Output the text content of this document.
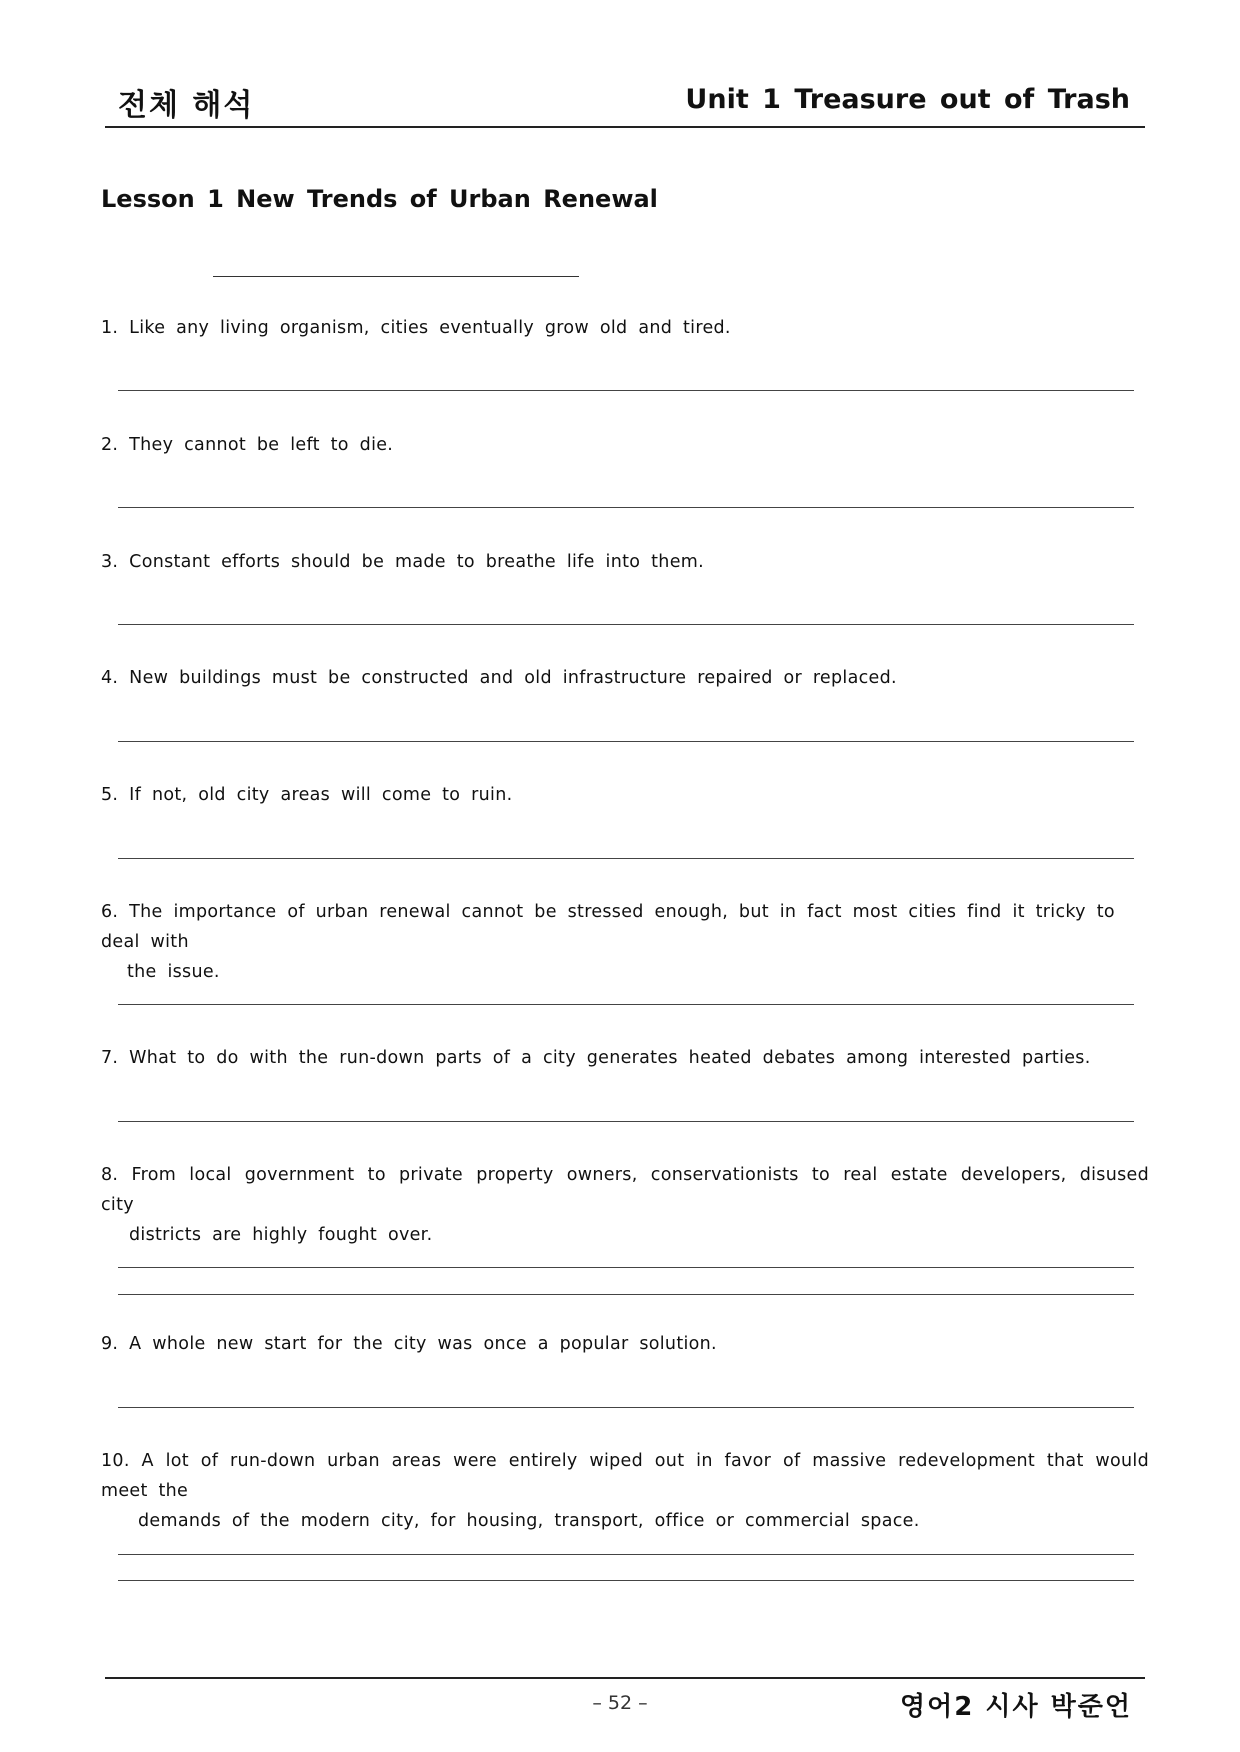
전체 해석	Unit 1 Treasure out of Trash
Lesson 1 New Trends of Urban Renewal
1. Like any living organism, cities eventually grow old and tired.
2. They cannot be left to die.
3. Constant efforts should be made to breathe life into them.
4. New buildings must be constructed and old infrastructure repaired or replaced.
5. If not, old city areas will come to ruin.
6. The importance of urban renewal cannot be stressed enough, but in fact most cities find it tricky to deal with
the issue.
7. What to do with the run-down parts of a city generates heated debates among interested parties.
8. From local government to private property owners, conservationists to real estate developers, disused city
districts are highly fought over.
9. A whole new start for the city was once a popular solution.
10. A lot of run-down urban areas were entirely wiped out in favor of massive redevelopment that would meet the
demands of the modern city, for housing, transport, office or commercial space.
– 52 –	영어2 시사 박준언
